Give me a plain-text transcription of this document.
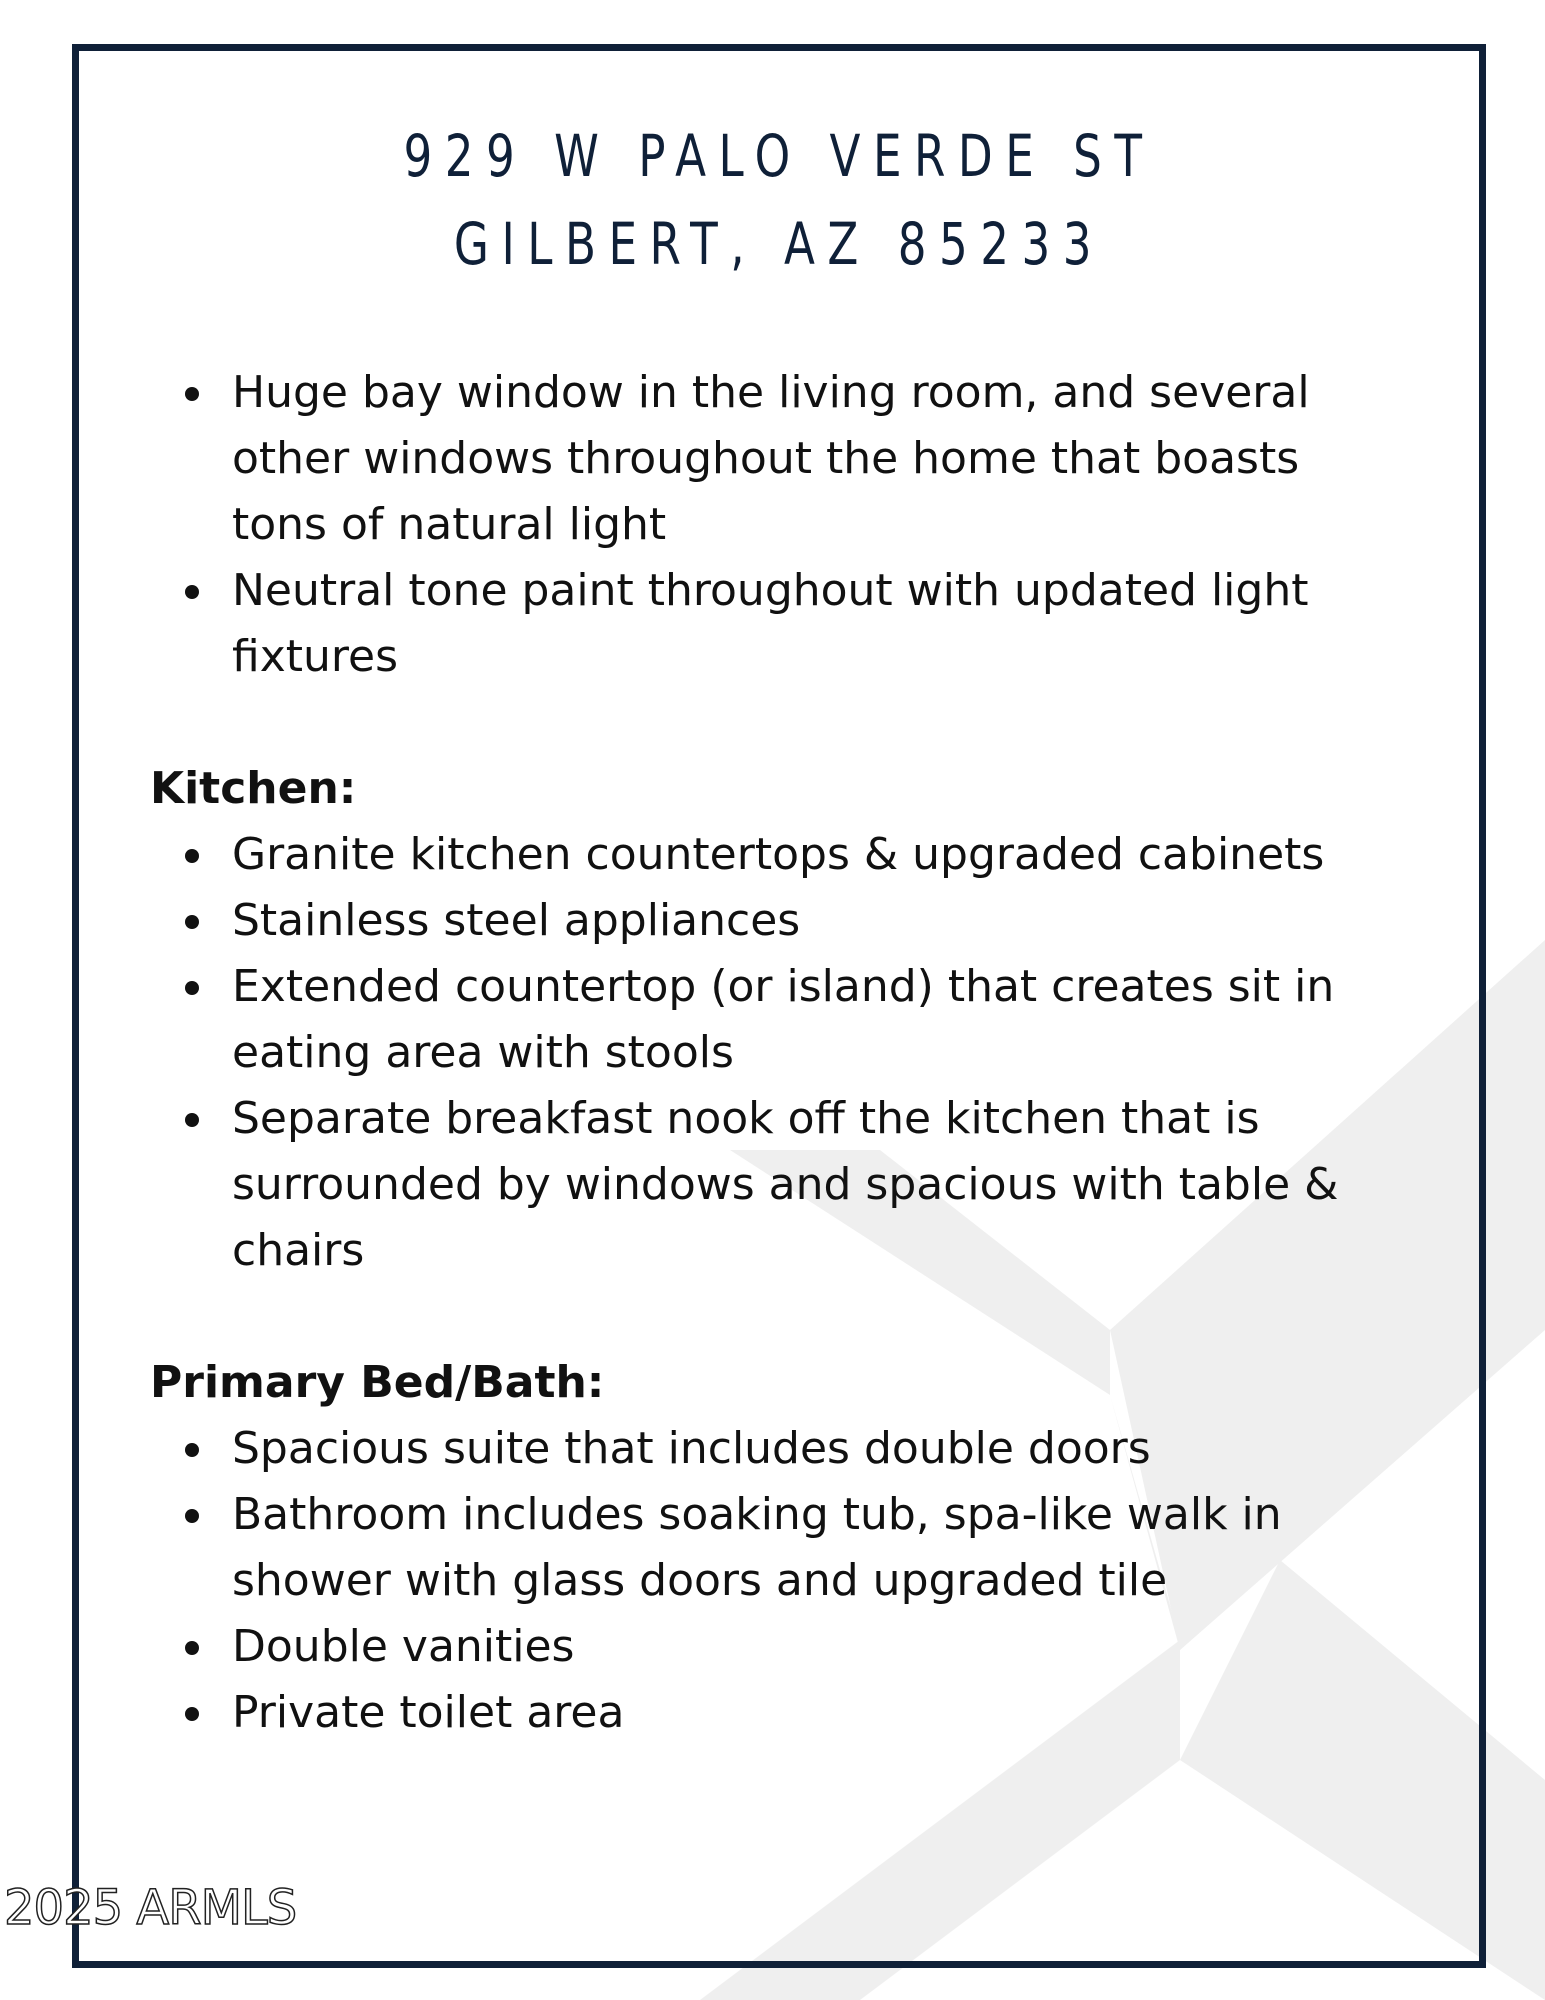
929 W PALO VERDE ST
GILBERT, AZ 85233
Huge bay window in the living room, and several other windows throughout the home that boasts tons of natural light
Neutral tone paint throughout with updated light fixtures
Kitchen:
Granite kitchen countertops & upgraded cabinets
Stainless steel appliances
Extended countertop (or island) that creates sit in eating area with stools
Separate breakfast nook off the kitchen that is surrounded by windows and spacious with table & chairs
Primary Bed/Bath:
Spacious suite that includes double doors
Bathroom includes soaking tub, spa-like walk in shower with glass doors and upgraded tile
Double vanities
Private toilet area
2025 ARMLS
